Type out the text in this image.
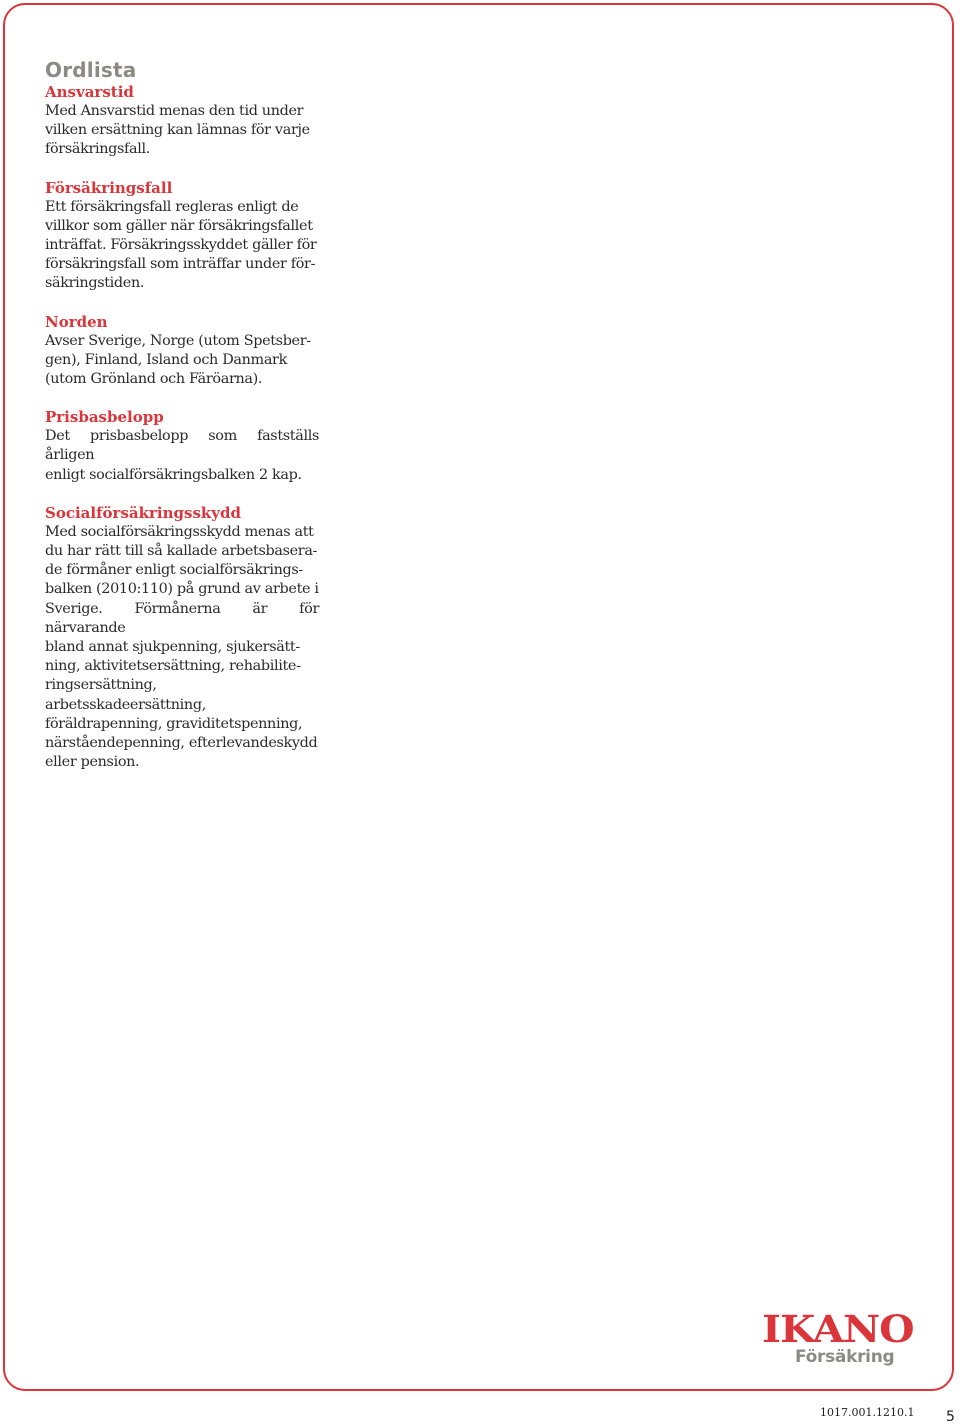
Ordlista

Ansvarstid

Med Ansvarstid menas den tid under
vilken ersättning kan lämnas för varje
försäkringsfall.

Försäkringsfall

Ett försäkringsfall regleras enligt de
villkor som gäller när försäkringsfallet
inträffat. Försäkringsskyddet gäller för
försäkringsfall som inträffar under för-
säkringstiden.

Norden

Avser Sverige, Norge (utom Spetsber-
gen), Finland, Island och Danmark
(utom Grönland och Färöarna).

Prisbasbelopp

Det prisbasbelopp som fastställs årligen
enligt socialförsäkringsbalken 2 kap.

Socialförsäkringsskydd

Med socialförsäkringsskydd menas att
du har rätt till så kallade arbetsbasera-
de förmåner enligt socialförsäkrings-
balken (2010:110) på grund av arbete i
Sverige. Förmånerna är för närvarande
bland annat sjukpenning, sjukersätt-
ning, aktivitetsersättning, rehabilite-
ringsersättning, arbetsskadeersättning,
föräldrapenning, graviditetspenning,
närståendepenning, efterlevandeskydd
eller pension.

IKANO
Försäkring
1017.001.1210.1 5
